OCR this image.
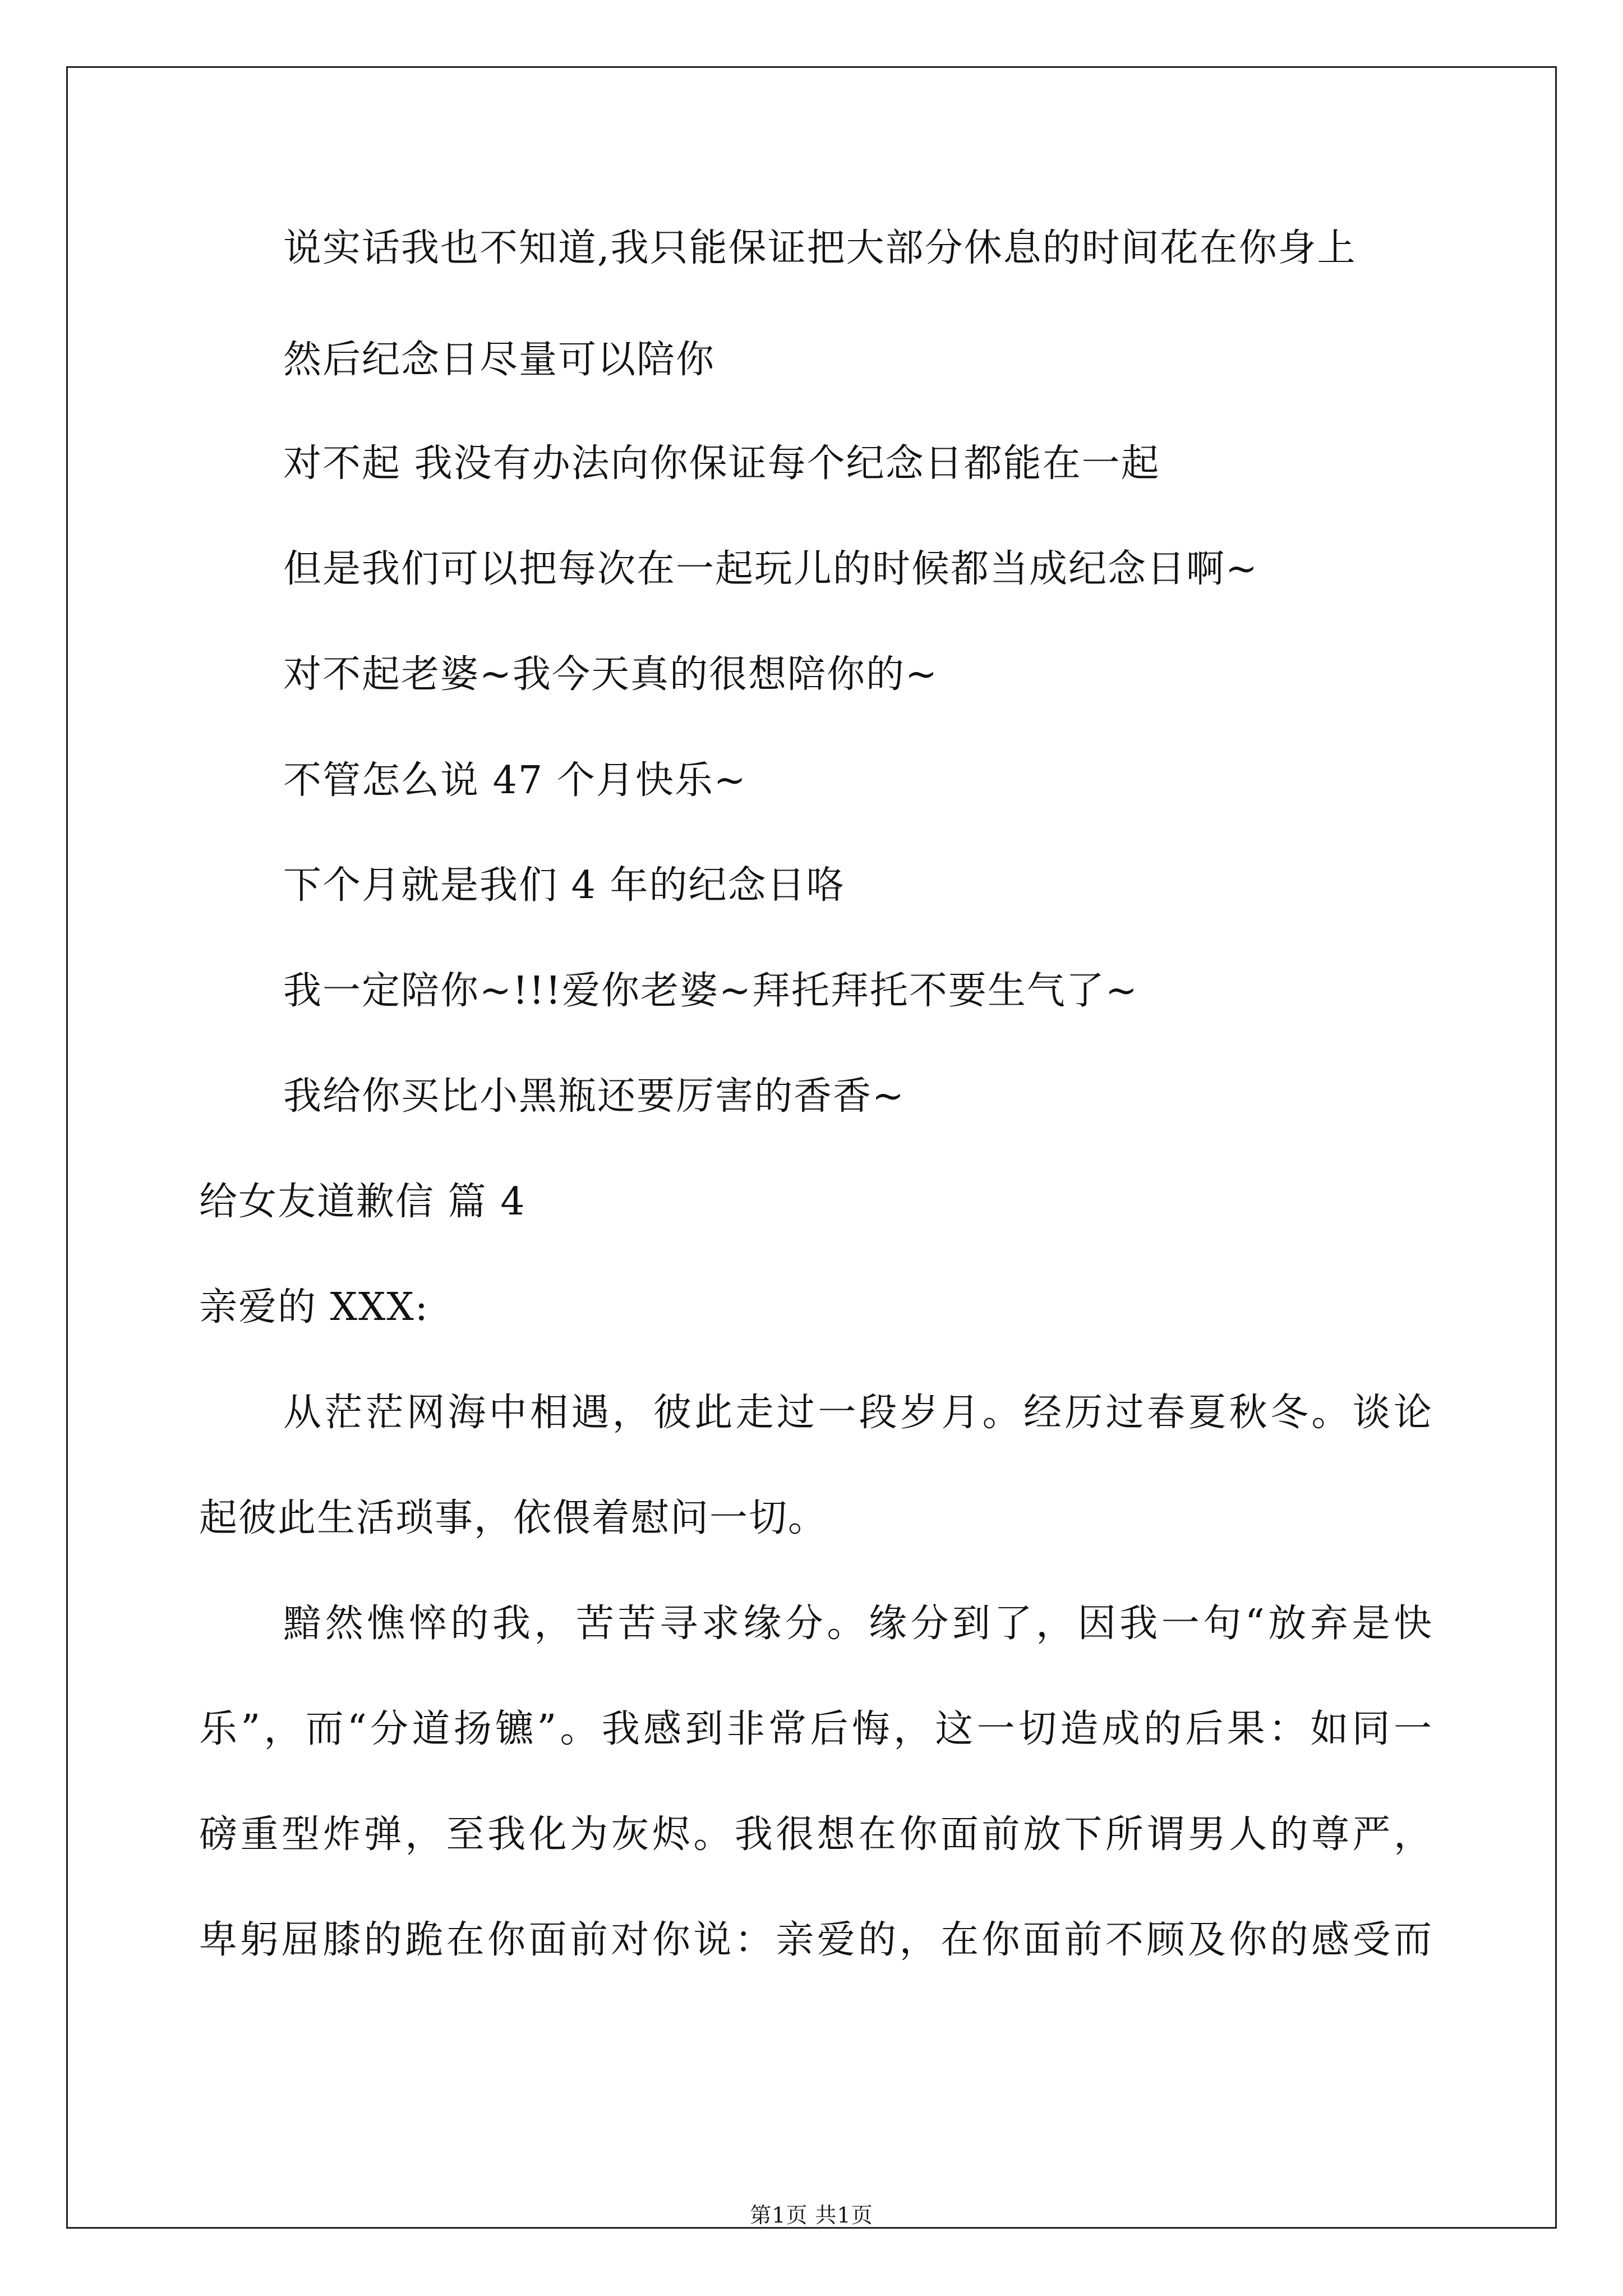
说实话我也不知道,我只能保证把大部分休息的时间花在你身上
然后纪念日尽量可以陪你
对不起 我没有办法向你保证每个纪念日都能在一起
但是我们可以把每次在一起玩儿的时候都当成纪念日啊~
对不起老婆~我今天真的很想陪你的~
不管怎么说 47 个月快乐~
下个月就是我们 4 年的纪念日咯
我一定陪你~!!!爱你老婆~拜托拜托不要生气了~
我给你买比小黑瓶还要厉害的香香~
给女友道歉信 篇 4
亲爱的 XXX:
从茫茫网海中相遇，彼此走过一段岁月。经历过春夏秋冬。谈论
起彼此生活琐事，依偎着慰问一切。
黯然憔悴的我，苦苦寻求缘分。缘分到了，因我一句“放弃是快
乐”，而“分道扬镳”。我感到非常后悔，这一切造成的后果：如同一
磅重型炸弹，至我化为灰烬。我很想在你面前放下所谓男人的尊严，
卑躬屈膝的跪在你面前对你说：亲爱的，在你面前不顾及你的感受而
第1页 共1页
